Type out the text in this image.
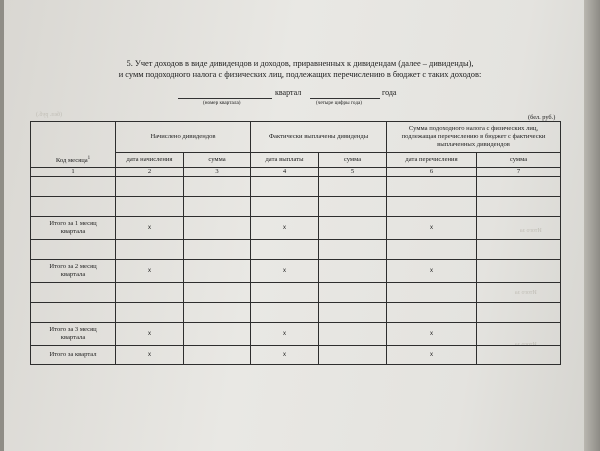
(бел. руб.)
Итого за
Итого за
Итого за
5. Учет доходов в виде дивидендов и доходов, приравненных к дивидендам (далее – дивиденды),
и сумм подоходного налога с физических лиц, подлежащих перечислению в бюджет с таких доходов:
квартал	года
(номер квартала)	(четыре цифры года)
(бел. руб.)
Код месяца$^1$	Начислено дивидендов		Фактически выплачены дивиденды		Сумма подоходного налога с физических лиц, подлежащая перечислению в бюджет с фактически выплаченных дивидендов	
	дата начисления	сумма	дата выплаты	сумма	дата перечисления	сумма
1	2	3	4	5	6	7

Итого за 1 месяц квартала	х		х		х	

Итого за 2 месяц квартала	х		х		х	

Итого за 3 месяц квартала	х		х		х	
Итого за квартал	х		х		х	
